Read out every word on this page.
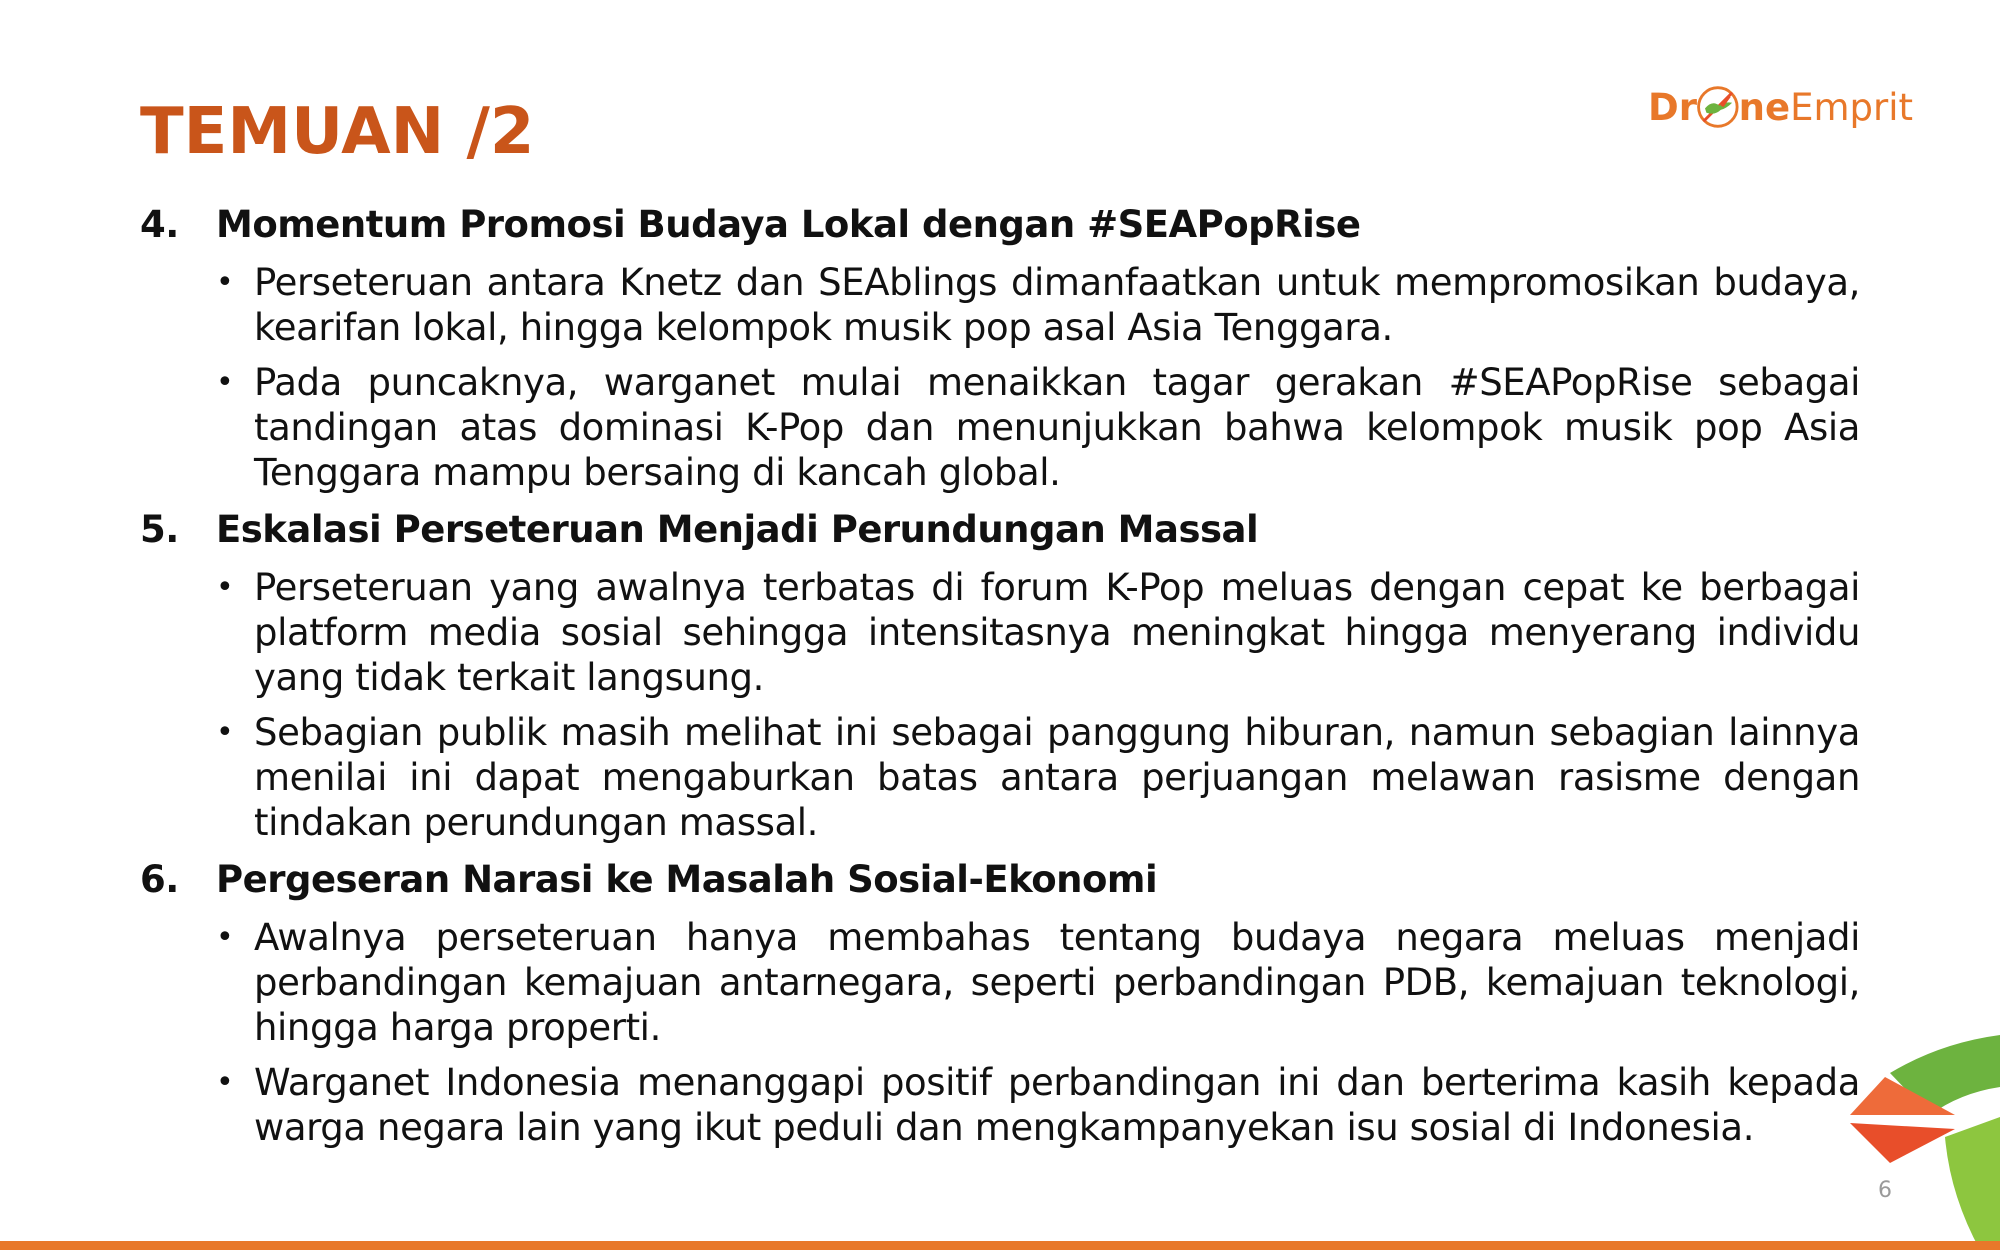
TEMUAN /2	Dr ne Emprit
4. Momentum Promosi Budaya Lokal dengan #SEAPopRise
• Perseteruan antara Knetz dan SEAblings dimanfaatkan untuk mempromosikan budaya, kearifan lokal, hingga kelompok musik pop asal Asia Tenggara.
• Pada puncaknya, warganet mulai menaikkan tagar gerakan #SEAPopRise sebagai tandingan atas dominasi K-Pop dan menunjukkan bahwa kelompok musik pop Asia Tenggara mampu bersaing di kancah global.
5. Eskalasi Perseteruan Menjadi Perundungan Massal
• Perseteruan yang awalnya terbatas di forum K-Pop meluas dengan cepat ke berbagai platform media sosial sehingga intensitasnya meningkat hingga menyerang individu yang tidak terkait langsung.
• Sebagian publik masih melihat ini sebagai panggung hiburan, namun sebagian lainnya menilai ini dapat mengaburkan batas antara perjuangan melawan rasisme dengan tindakan perundungan massal.
6. Pergeseran Narasi ke Masalah Sosial-Ekonomi
• Awalnya perseteruan hanya membahas tentang budaya negara meluas menjadi perbandingan kemajuan antarnegara, seperti perbandingan PDB, kemajuan teknologi, hingga harga properti.
• Warganet Indonesia menanggapi positif perbandingan ini dan berterima kasih kepada warga negara lain yang ikut peduli dan mengkampanyekan isu sosial di Indonesia.
6
